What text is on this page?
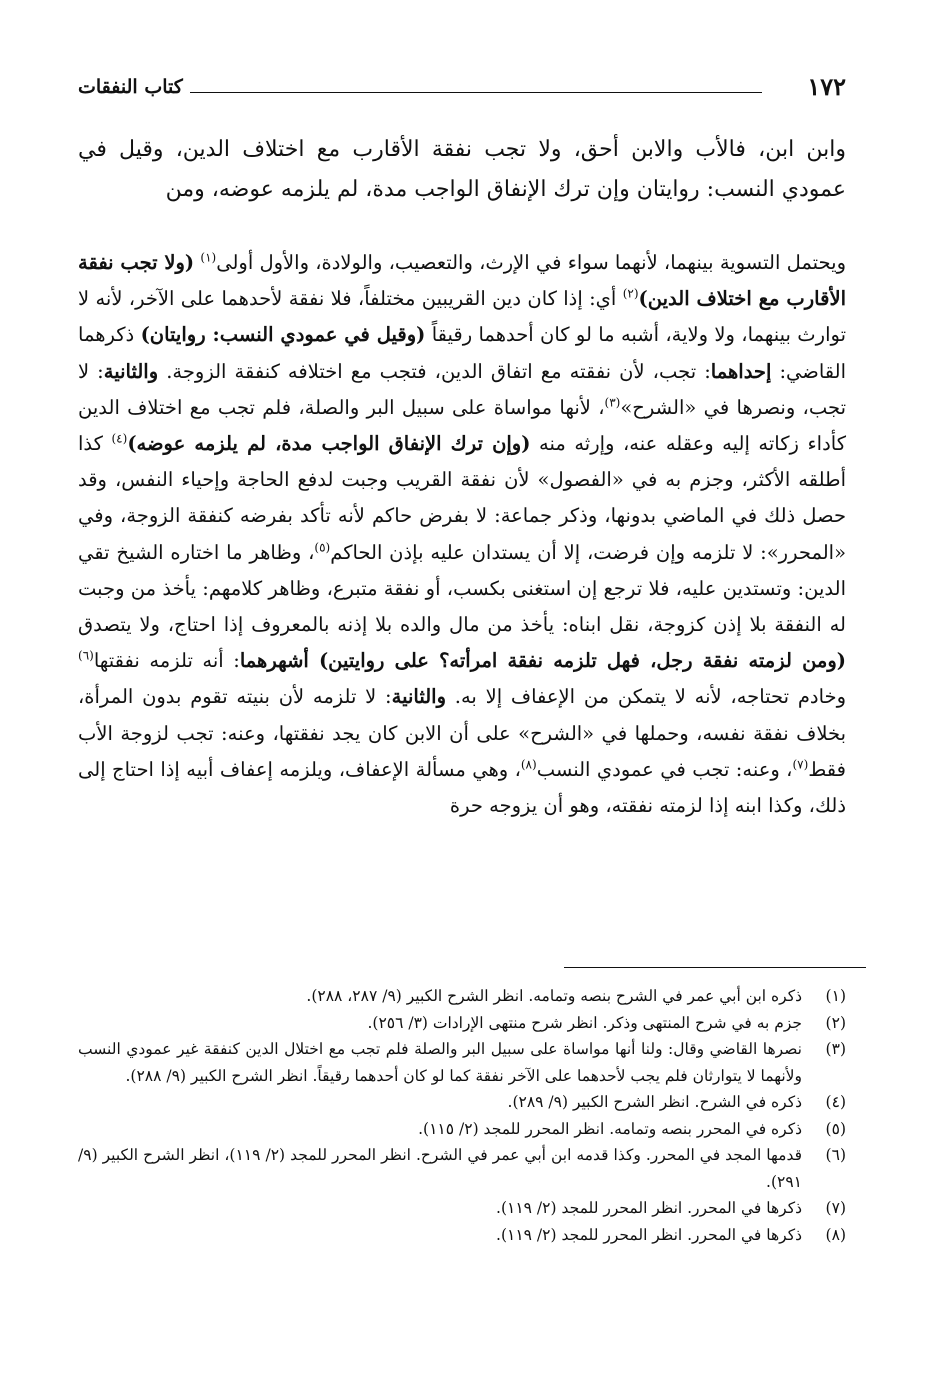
١٧٢
كتاب النفقات
وابن ابن، فالأب والابن أحق، ولا تجب نفقة الأقارب مع اختلاف الدين، وقيل في عمودي النسب: روايتان وإن ترك الإنفاق الواجب مدة، لم يلزمه عوضه، ومن

ويحتمل التسوية بينهما، لأنهما سواء في الإرث، والتعصيب، والولادة، والأول أولى$^{(١)}$ (ولا تجب نفقة الأقارب مع اختلاف الدين)$^{(٢)}$ أي: إذا كان دين القريبين مختلفاً، فلا نفقة لأحدهما على الآخر، لأنه لا توارث بينهما، ولا ولاية، أشبه ما لو كان أحدهما رقيقاً (وقيل في عمودي النسب: روايتان) ذكرهما القاضي: إحداهما: تجب، لأن نفقته مع اتفاق الدين، فتجب مع اختلافه كنفقة الزوجة. والثانية: لا تجب، ونصرها في «الشرح»$^{(٣)}$، لأنها مواساة على سبيل البر والصلة، فلم تجب مع اختلاف الدين كأداء زكاته إليه وعقله عنه، وإرثه منه (وإن ترك الإنفاق الواجب مدة، لم يلزمه عوضه)$^{(٤)}$ كذا أطلقه الأكثر، وجزم به في «الفصول» لأن نفقة القريب وجبت لدفع الحاجة وإحياء النفس، وقد حصل ذلك في الماضي بدونها، وذكر جماعة: لا بفرض حاكم لأنه تأكد بفرضه كنفقة الزوجة، وفي «المحرر»: لا تلزمه وإن فرضت، إلا أن يستدان عليه بإذن الحاكم$^{(٥)}$، وظاهر ما اختاره الشيخ تقي الدين: وتستدين عليه، فلا ترجع إن استغنى بكسب، أو نفقة متبرع، وظاهر كلامهم: يأخذ من وجبت له النفقة بلا إذن كزوجة، نقل ابناه: يأخذ من مال والده بلا إذنه بالمعروف إذا احتاج، ولا يتصدق (ومن لزمته نفقة رجل، فهل تلزمه نفقة امرأته؟ على روايتين) أشهرهما: أنه تلزمه نفقتها$^{(٦)}$ وخادم تحتاجه، لأنه لا يتمكن من الإعفاف إلا به. والثانية: لا تلزمه لأن بنيته تقوم بدون المرأة، بخلاف نفقة نفسه، وحملها في «الشرح» على أن الابن كان يجد نفقتها، وعنه: تجب لزوجة الأب فقط$^{(٧)}$، وعنه: تجب في عمودي النسب$^{(٨)}$، وهي مسألة الإعفاف، ويلزمه إعفاف أبيه إذا احتاج إلى ذلك، وكذا ابنه إذا لزمته نفقته، وهو أن يزوجه حرة

(١)
ذكره ابن أبي عمر في الشرح بنصه وتمامه. انظر الشرح الكبير (٩/ ٢٨٧، ٢٨٨).
(٢)
جزم به في شرح المنتهى وذكر. انظر شرح منتهى الإرادات (٣/ ٢٥٦).
(٣)
نصرها القاضي وقال: ولنا أنها مواساة على سبيل البر والصلة فلم تجب مع اختلال الدين كنفقة غير عمودي النسب ولأنهما لا يتوارثان فلم يجب لأحدهما على الآخر نفقة كما لو كان أحدهما رقيقاً. انظر الشرح الكبير (٩/ ٢٨٨).
(٤)
ذكره في الشرح. انظر الشرح الكبير (٩/ ٢٨٩).
(٥)
ذكره في المحرر بنصه وتمامه. انظر المحرر للمجد (٢/ ١١٥).
(٦)
قدمها المجد في المحرر. وكذا قدمه ابن أبي عمر في الشرح. انظر المحرر للمجد (٢/ ١١٩)، انظر الشرح الكبير (٩/ ٢٩١).
(٧)
ذكرها في المحرر. انظر المحرر للمجد (٢/ ١١٩).
(٨)
ذكرها في المحرر. انظر المحرر للمجد (٢/ ١١٩).
